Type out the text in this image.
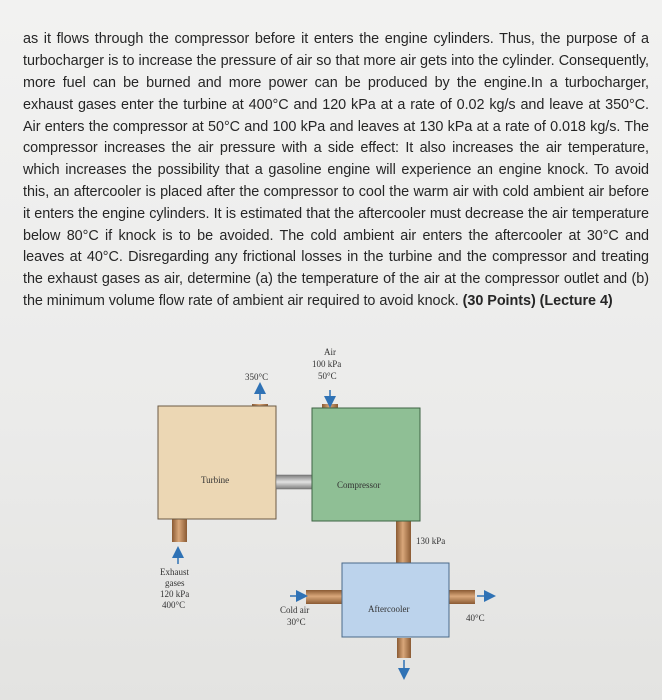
as it flows through the compressor before it enters the engine cylinders. Thus, the purpose of a turbocharger is to increase the pressure of air so that more air gets into the cylinder. Consequently, more fuel can be burned and more power can be produced by the engine.In a turbocharger, exhaust gases enter the turbine at 400°C and 120 kPa at a rate of 0.02 kg/s and leave at 350°C. Air enters the compressor at 50°C and 100 kPa and leaves at 130 kPa at a rate of 0.018 kg/s. The compressor increases the air pressure with a side effect: It also increases the air temperature, which increases the possibility that a gasoline engine will experience an engine knock. To avoid this, an aftercooler is placed after the compressor to cool the warm air with cold ambient air before it enters the engine cylinders. It is estimated that the aftercooler must decrease the air temperature below 80°C if knock is to be avoided. The cold ambient air enters the aftercooler at 30°C and leaves at 40°C. Disregarding any frictional losses in the turbine and the compressor and treating the exhaust gases as air, determine (a) the temperature of the air at the compressor outlet and (b) the minimum volume flow rate of ambient air required to avoid knock. (30 Points) (Lecture 4)

Turbine	Compressor
Aftercooler
350°C
Air
100 kPa
50°C
Exhaust
gases
120 kPa
400°C
130 kPa
Cold air
30°C	40°C
